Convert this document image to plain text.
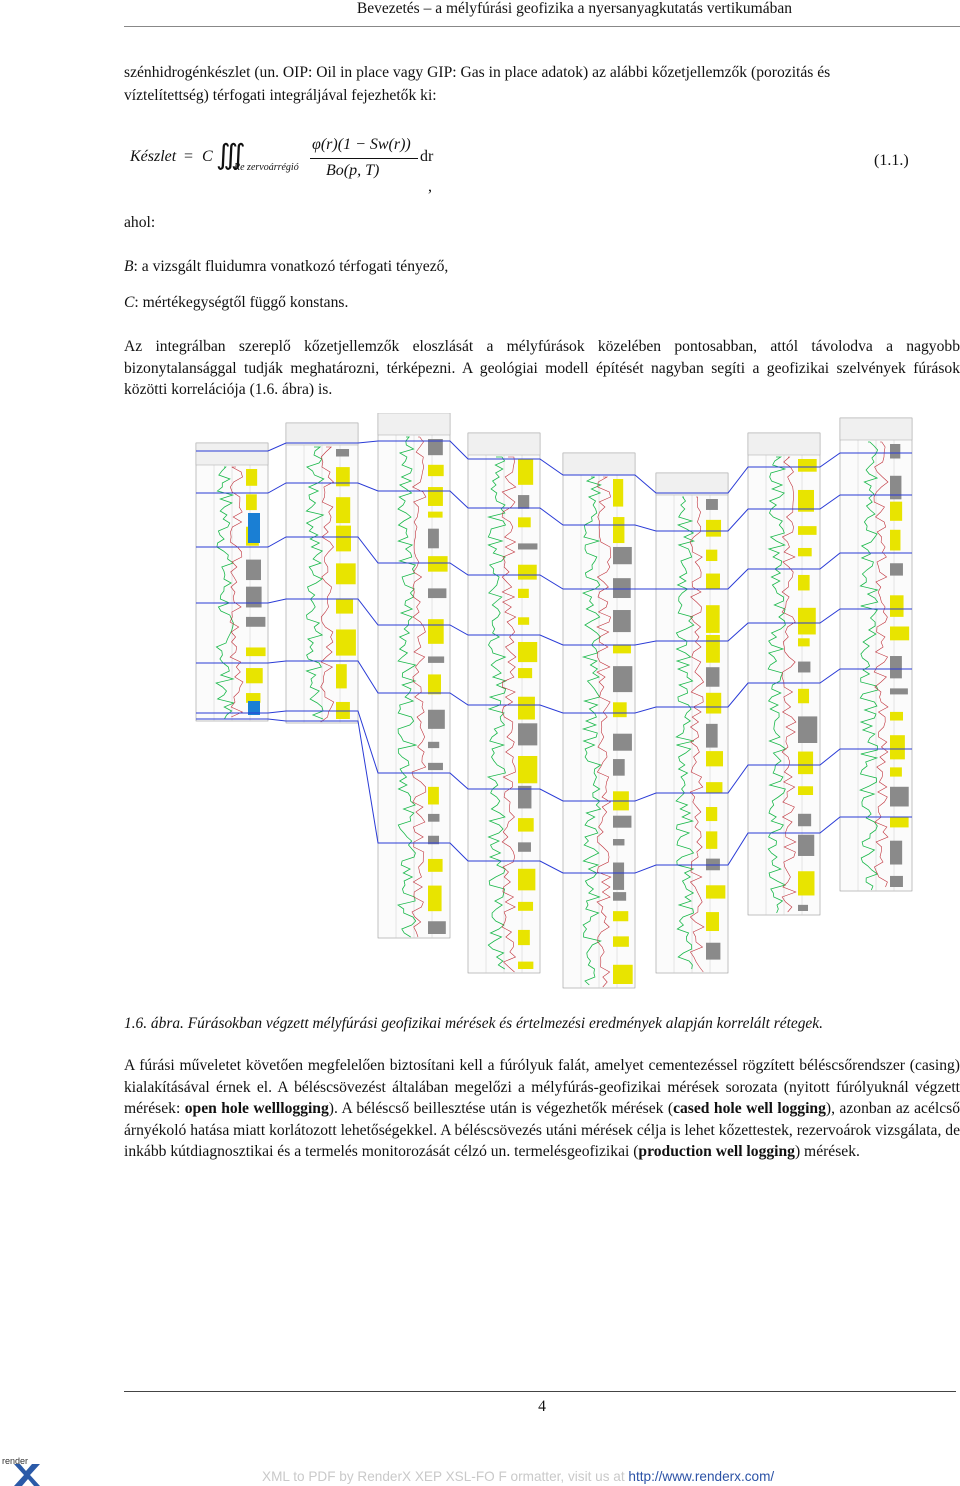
Bevezetés – a mélyfúrási geofizika a nyersanyagkutatás vertikumában
szénhidrogénkészlet (un. OIP: Oil in place vagy GIP: Gas in place adatok) az alábbi kőzetjellemzők (porozitás és
víztelítettség) térfogati integráljával fejezhetők ki:
Készlet = C ∭
Re zervoárrégió
φ(r)(1 − Sw(r))
Bo(p, T)
dr
,
(1.1.)
ahol:
B: a vizsgált fluidumra vonatkozó térfogati tényező,
C: mértékegységtől függő konstans.
Az integrálban szereplő kőzetjellemzők eloszlását a mélyfúrások közelében pontosabban, attól távolodva a nagyobb bizonytalansággal tudják meghatározni, térképezni. A geológiai modell építését nagyban segíti a geofizikai szelvények fúrások közötti korrelációja (1.6. ábra) is.
1.6. ábra. Fúrásokban végzett mélyfúrási geofizikai mérések és értelmezési eredmények alapján korrelált rétegek.
A fúrási műveletet követően megfelelően biztosítani kell a fúrólyuk falát, amelyet cementezéssel rögzített béléscsőrendszer (casing) kialakításával érnek el. A béléscsövezést általában megelőzi a mélyfúrás-geofizikai mérések sorozata (nyitott fúrólyuknál végzett mérések: open hole welllogging). A béléscső beillesztése után is végezhetők mérések (cased hole well logging), azonban az acélcső árnyékoló hatása miatt korlátozott lehetőségekkel. A béléscsövezés utáni mérések célja is lehet kőzettestek, rezervoárok vizsgálata, de inkább kútdiagnosztikai és a termelés monitorozását célzó un. termelésgeofizikai (production well logging) mérések.
4
render
XML to PDF by RenderX XEP XSL-FO F ormatter, visit us at http://www.renderx.com/
